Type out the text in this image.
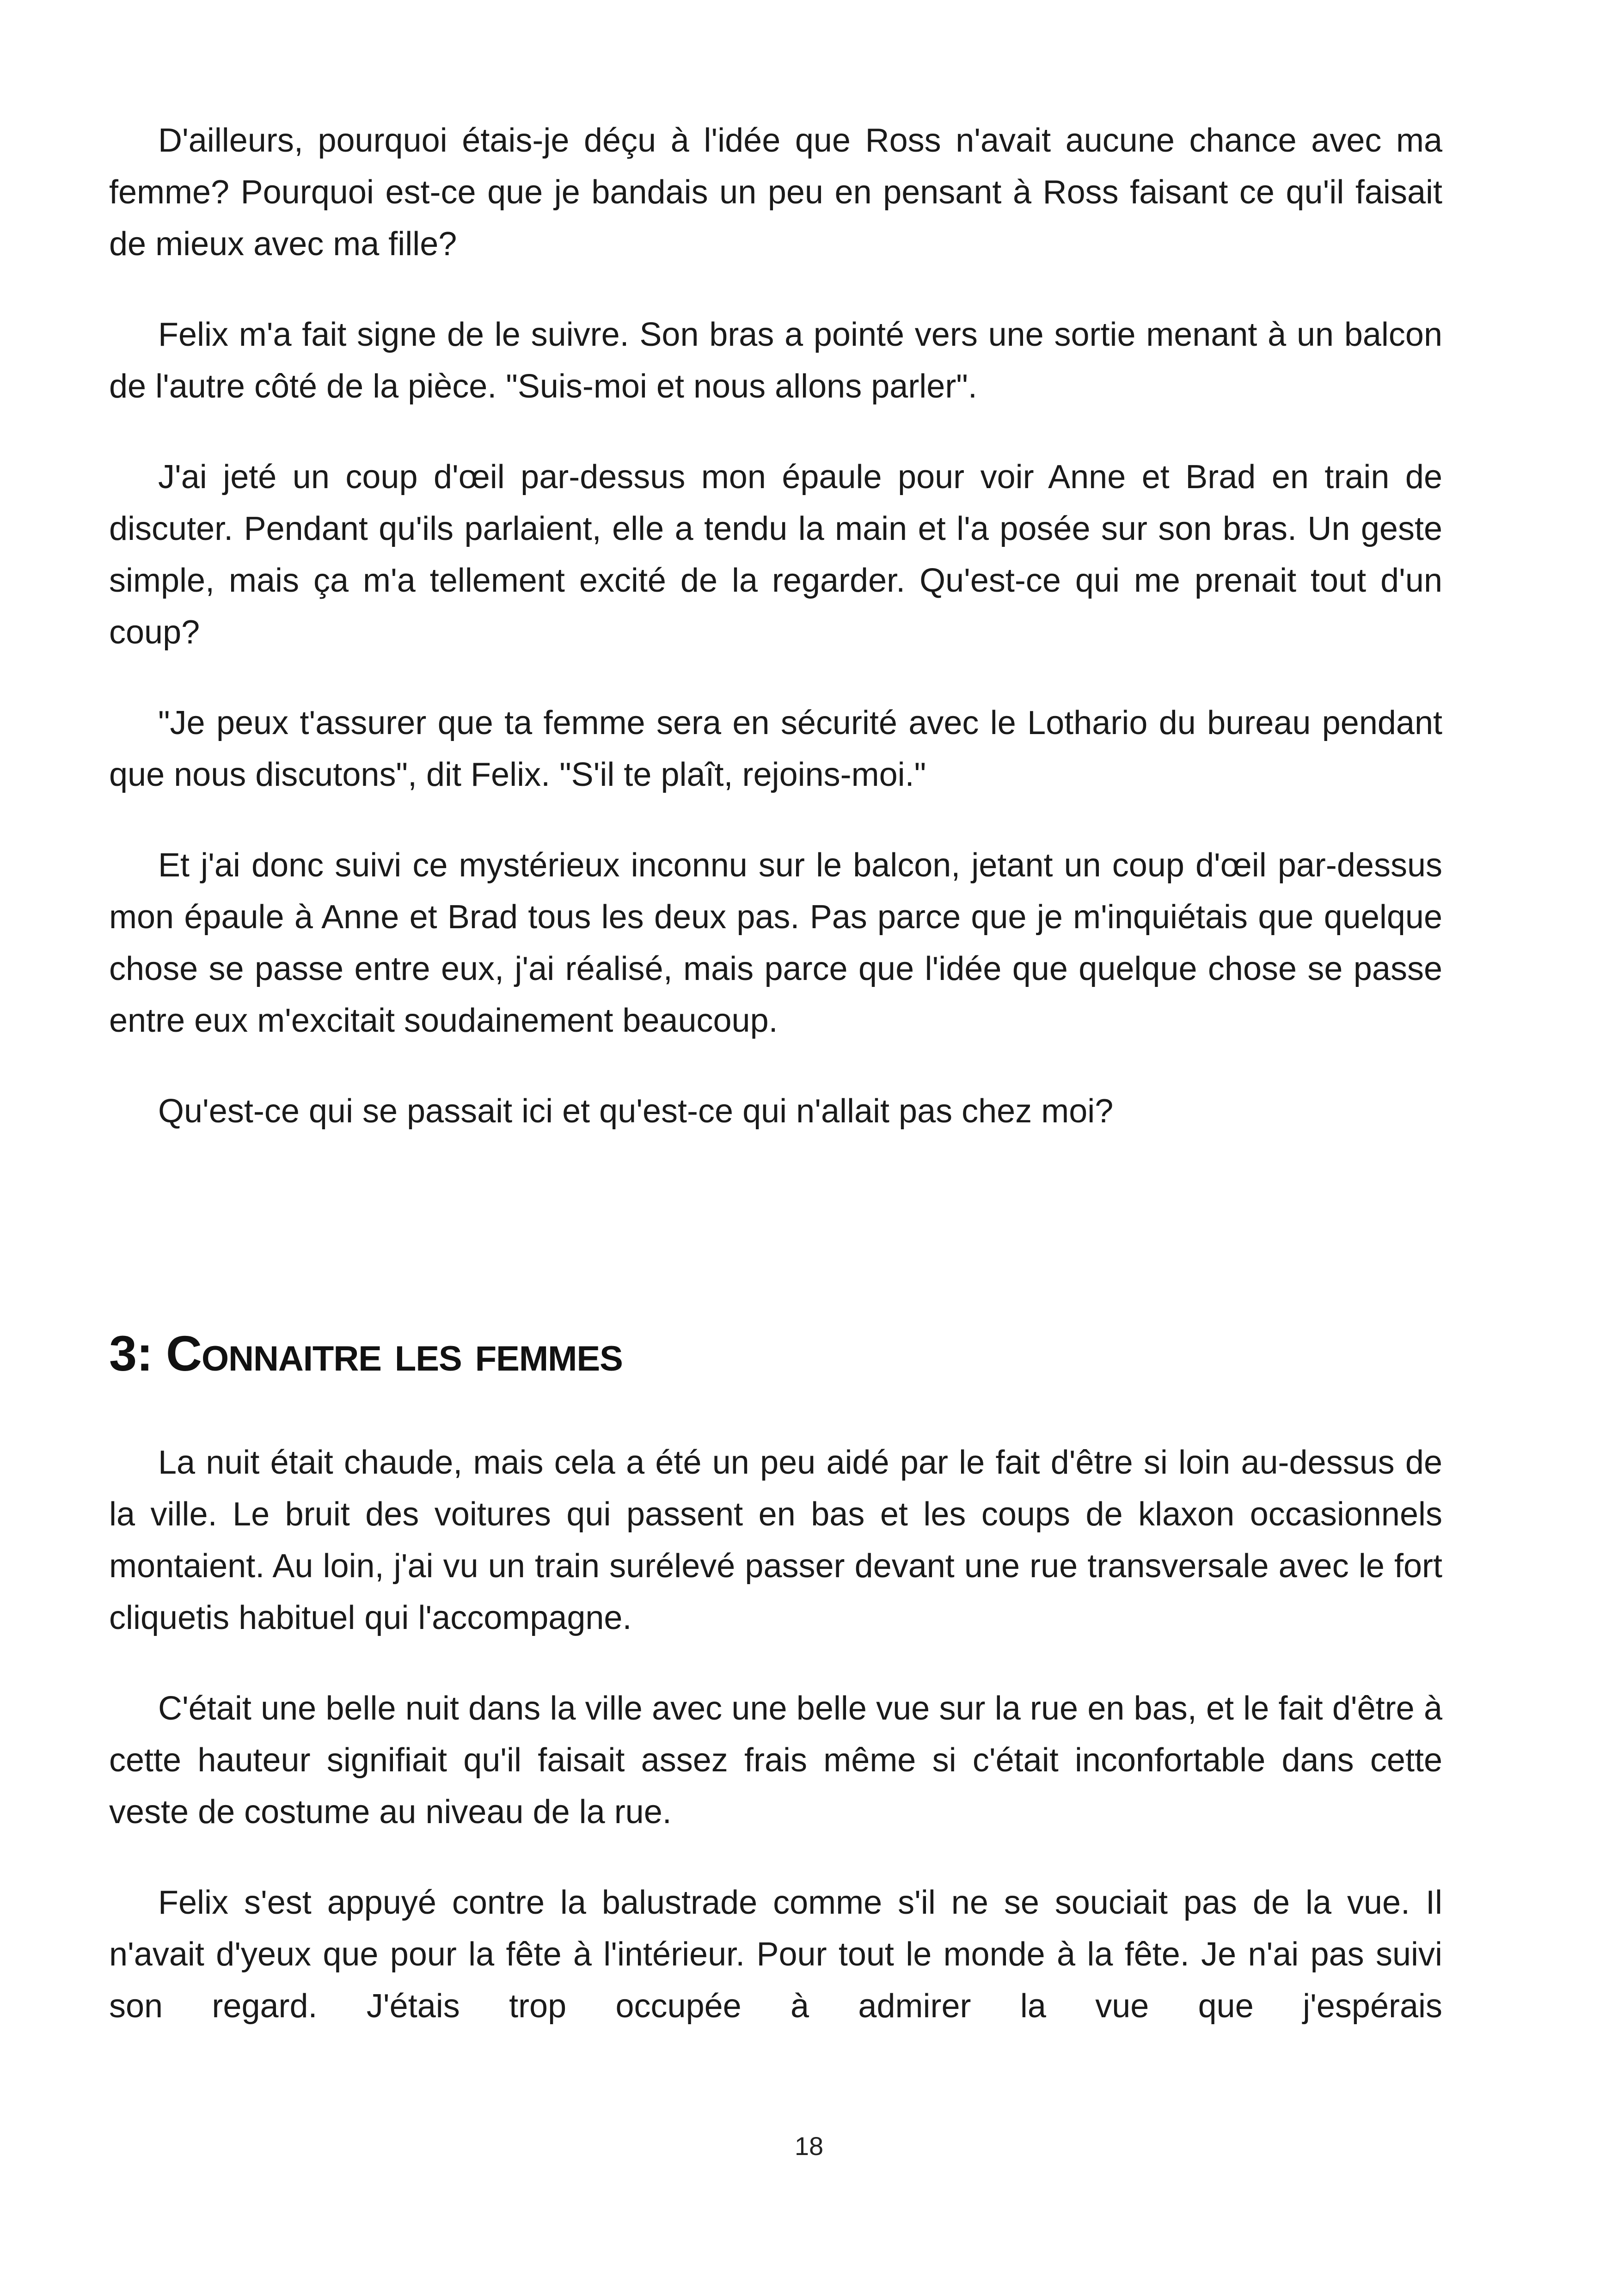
D'ailleurs, pourquoi étais-je déçu à l'idée que Ross n'avait aucune chance avec ma femme? Pourquoi est-ce que je bandais un peu en pensant à Ross faisant ce qu'il faisait de mieux avec ma fille?

Felix m'a fait signe de le suivre. Son bras a pointé vers une sortie menant à un balcon de l'autre côté de la pièce. "Suis-moi et nous allons parler".

J'ai jeté un coup d'œil par-dessus mon épaule pour voir Anne et Brad en train de discuter. Pendant qu'ils parlaient, elle a tendu la main et l'a posée sur son bras. Un geste simple, mais ça m'a tellement excité de la regarder. Qu'est-ce qui me prenait tout d'un coup?

"Je peux t'assurer que ta femme sera en sécurité avec le Lothario du bureau pendant que nous discutons", dit Felix. "S'il te plaît, rejoins-moi."

Et j'ai donc suivi ce mystérieux inconnu sur le balcon, jetant un coup d'œil par-dessus mon épaule à Anne et Brad tous les deux pas. Pas parce que je m'inquiétais que quelque chose se passe entre eux, j'ai réalisé, mais parce que l'idée que quelque chose se passe entre eux m'excitait soudainement beaucoup.

Qu'est-ce qui se passait ici et qu'est-ce qui n'allait pas chez moi?

3: Connaitre les femmes

La nuit était chaude, mais cela a été un peu aidé par le fait d'être si loin au-dessus de la ville. Le bruit des voitures qui passent en bas et les coups de klaxon occasionnels montaient. Au loin, j'ai vu un train surélevé passer devant une rue transversale avec le fort cliquetis habituel qui l'accompagne.

C'était une belle nuit dans la ville avec une belle vue sur la rue en bas, et le fait d'être à cette hauteur signifiait qu'il faisait assez frais même si c'était inconfortable dans cette veste de costume au niveau de la rue.

Felix s'est appuyé contre la balustrade comme s'il ne se souciait pas de la vue. Il n'avait d'yeux que pour la fête à l'intérieur. Pour tout le monde à la fête. Je n'ai pas suivi son regard. J'étais trop occupée à admirer la vue que j'espérais

18
